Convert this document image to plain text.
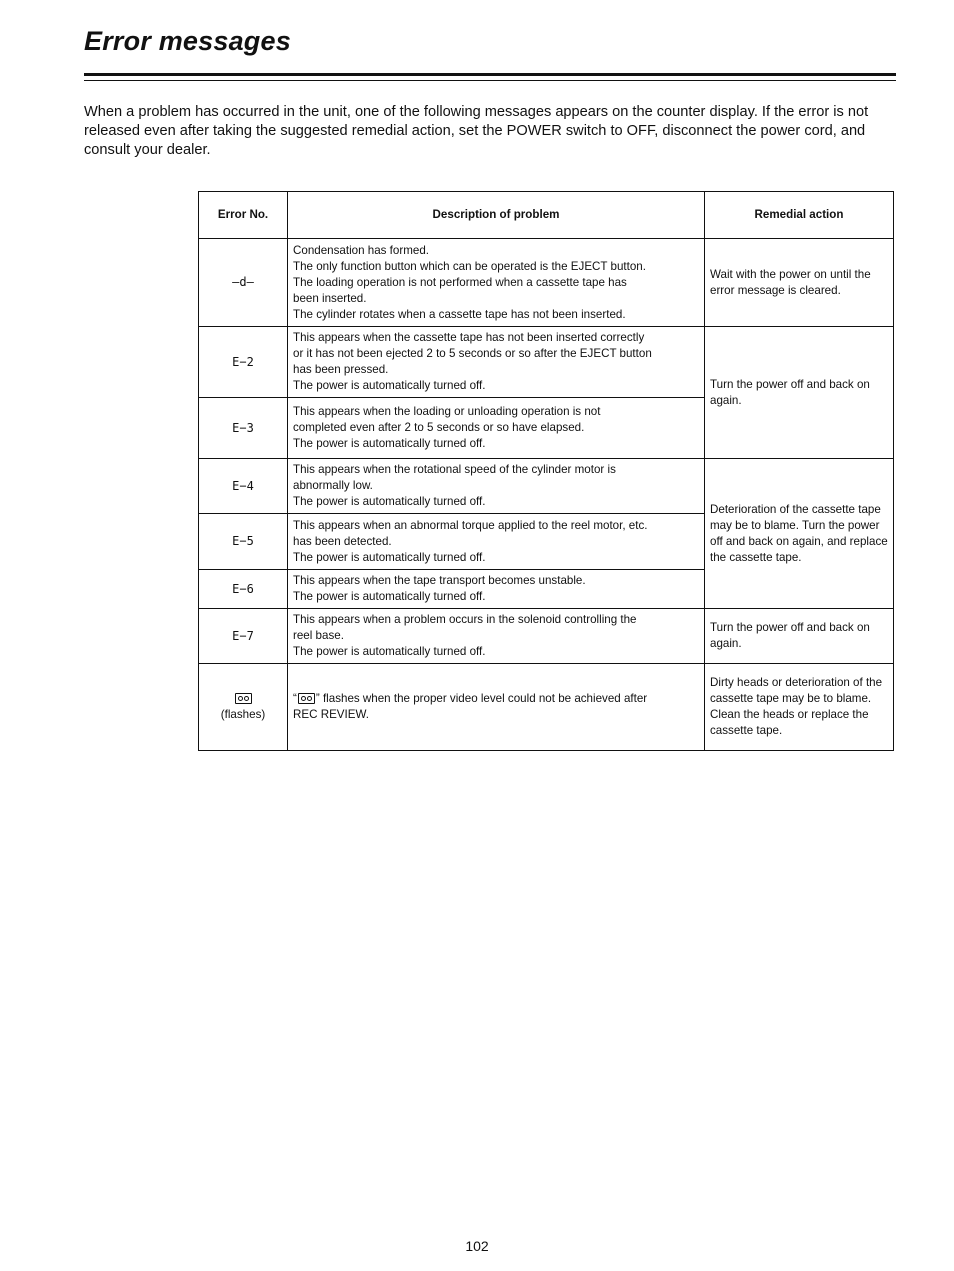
Error messages

When a problem has occurred in the unit, one of the following messages appears on the counter display. If the error is not released even after taking the suggested remedial action, set the POWER switch to OFF, disconnect the power cord, and consult your dealer.

Error No.	Description of problem	Remedial action
—d—	Condensation has formed.
The only function button which can be operated is the EJECT button.
The loading operation is not performed when a cassette tape has
been inserted.
The cylinder rotates when a cassette tape has not been inserted.	Wait with the power on until the error message is cleared.
E−2	This appears when the cassette tape has not been inserted correctly
or it has not been ejected 2 to 5 seconds or so after the EJECT button
has been pressed.
The power is automatically turned off.	Turn the power off and back on again.
E−3	This appears when the loading or unloading operation is not
completed even after 2 to 5 seconds or so have elapsed.
The power is automatically turned off.	

E−4	This appears when the rotational speed of the cylinder motor is
abnormally low.
The power is automatically turned off.	Deterioration of the cassette tape may be to blame. Turn the power off and back on again, and replace the cassette tape.
E−5	This appears when an abnormal torque applied to the reel motor, etc.
has been detected.
The power is automatically turned off.	

E−6	This appears when the tape transport becomes unstable.
The power is automatically turned off.	

E−7	This appears when a problem occurs in the solenoid controlling the
reel base.
The power is automatically turned off.	Turn the power off and back on again.

(flashes)	“ ” flashes when the proper video level could not be achieved after
REC REVIEW.	Dirty heads or deterioration of the cassette tape may be to blame. Clean the heads or replace the cassette tape.

102
